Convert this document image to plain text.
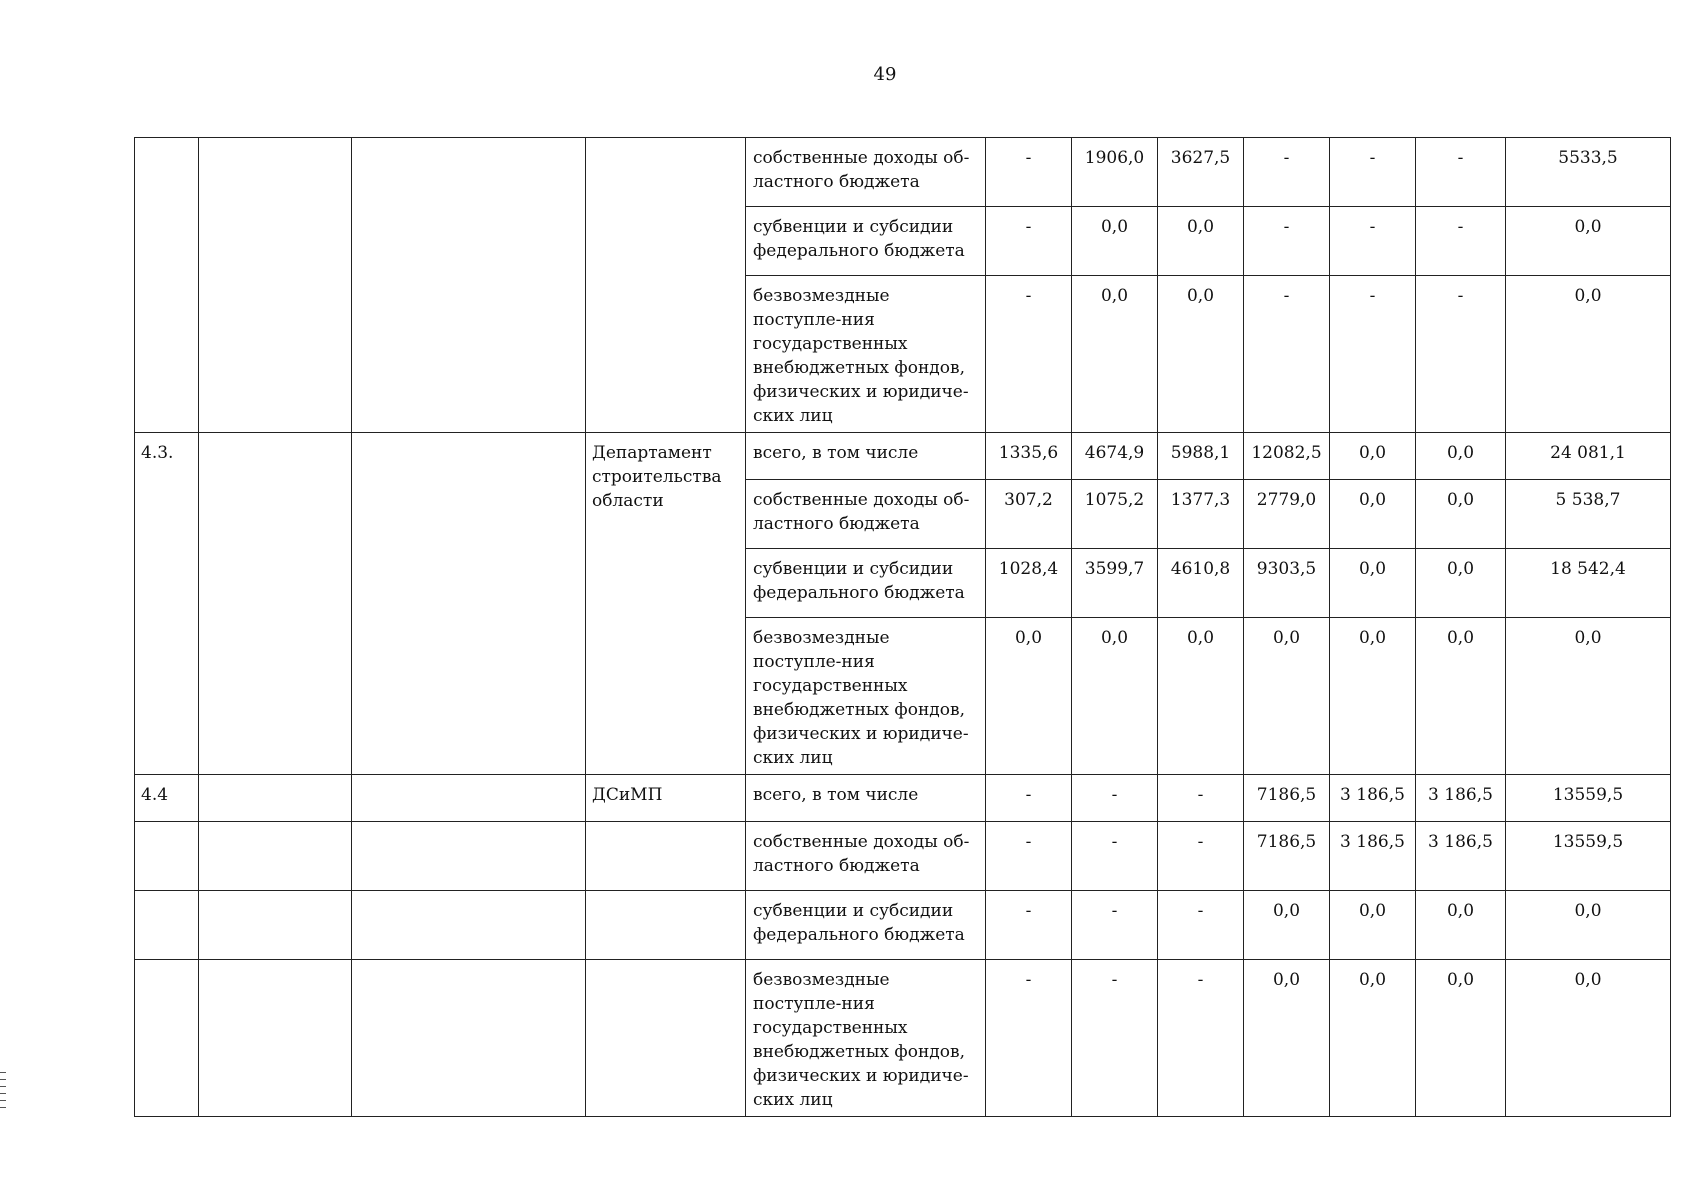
49
				собственные доходы об-ластного бюджета	-	1906,0	3627,5	-	-	-	5533,5
				субвенции и субсидии федерального бюджета	-	0,0	0,0	-	-	-	0,0
				безвозмездные поступле-ния государственных внебюджетных фондов, физических и юридиче-ских лиц	-	0,0	0,0	-	-	-	0,0
4.3.			Департамент строительства области	всего, в том числе	1335,6	4674,9	5988,1	12082,5	0,0	0,0	24 081,1
				собственные доходы об-ластного бюджета	307,2	1075,2	1377,3	2779,0	0,0	0,0	5 538,7
				субвенции и субсидии федерального бюджета	1028,4	3599,7	4610,8	9303,5	0,0	0,0	18 542,4
				безвозмездные поступле-ния государственных внебюджетных фондов, физических и юридиче-ских лиц	0,0	0,0	0,0	0,0	0,0	0,0	0,0
4.4			ДСиМП	всего, в том числе	-	-	-	7186,5	3 186,5	3 186,5	13559,5
				собственные доходы об-ластного бюджета	-	-	-	7186,5	3 186,5	3 186,5	13559,5
				субвенции и субсидии федерального бюджета	-	-	-	0,0	0,0	0,0	0,0
				безвозмездные поступле-ния государственных внебюджетных фондов, физических и юридиче-ских лиц	-	-	-	0,0	0,0	0,0	0,0
